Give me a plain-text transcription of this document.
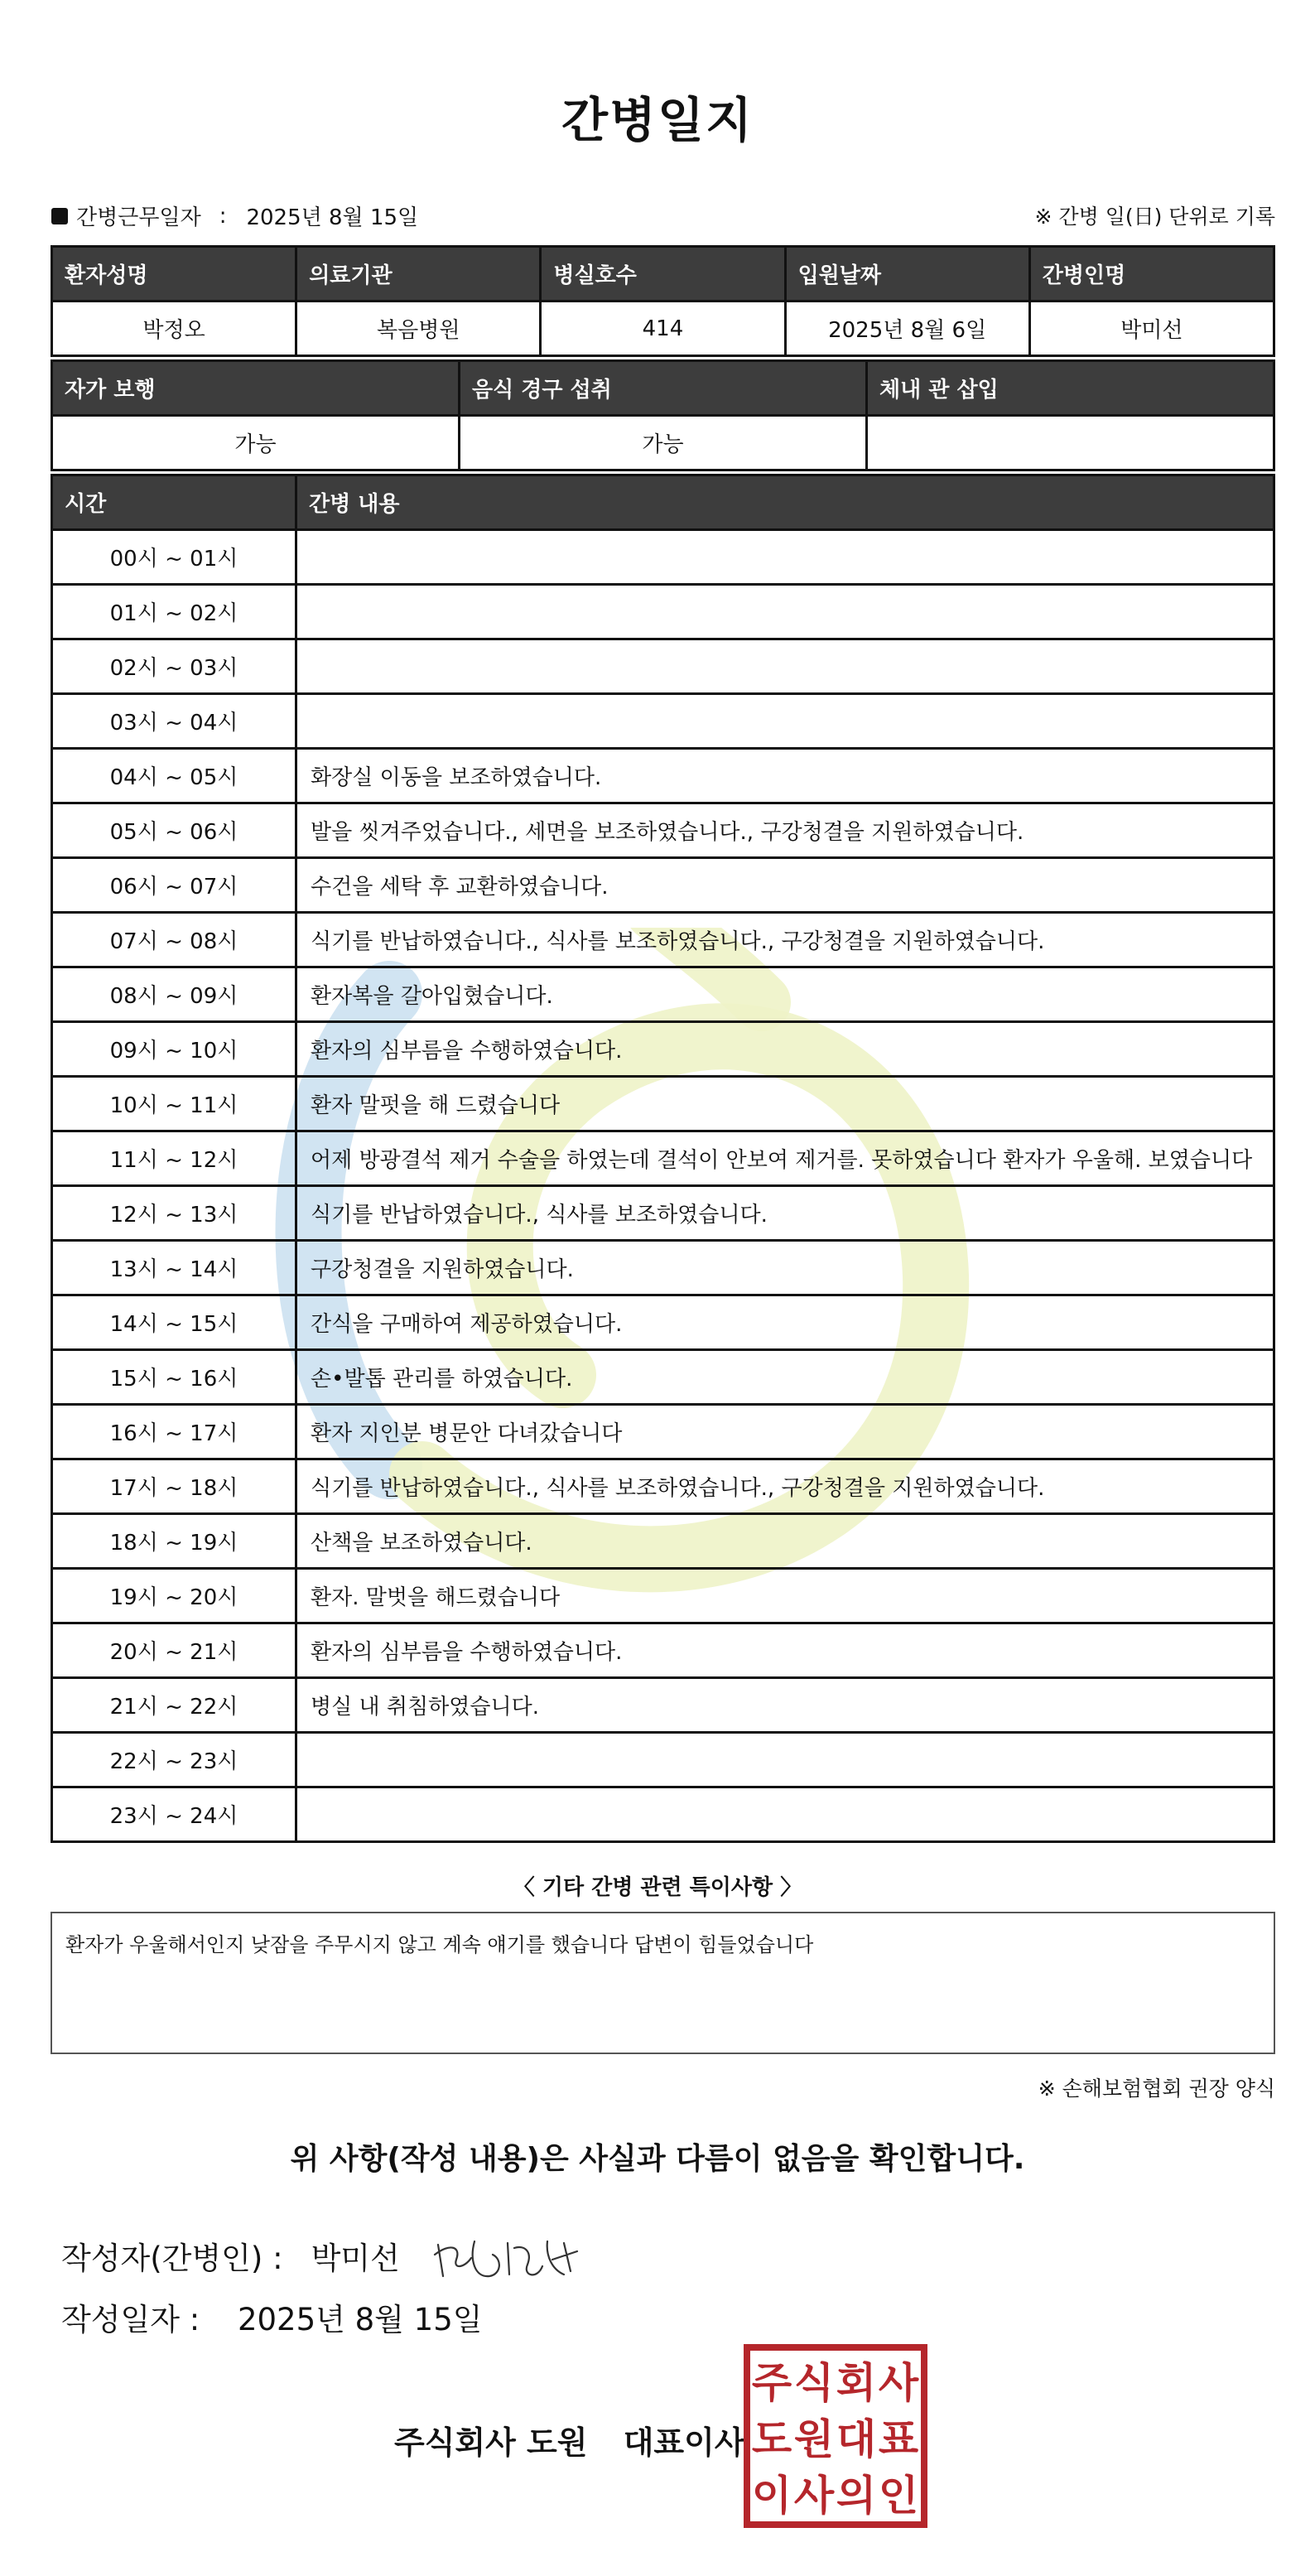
간병일지
간병근무일자 : 2025년 8월 15일	※ 간병 일(日) 단위로 기록
환자성명	의료기관	병실호수	입원날짜	간병인명
박정오	복음병원	414	2025년 8월 6일	박미선
자가 보행	음식 경구 섭취	체내 관 삽입
가능	가능	
시간	간병 내용
00시 ~ 01시	
01시 ~ 02시	
02시 ~ 03시	
03시 ~ 04시	
04시 ~ 05시	화장실 이동을 보조하였습니다.
05시 ~ 06시	발을 씻겨주었습니다., 세면을 보조하였습니다., 구강청결을 지원하였습니다.
06시 ~ 07시	수건을 세탁 후 교환하였습니다.
07시 ~ 08시	식기를 반납하였습니다., 식사를 보조하였습니다., 구강청결을 지원하였습니다.
08시 ~ 09시	환자복을 갈아입혔습니다.
09시 ~ 10시	환자의 심부름을 수행하였습니다.
10시 ~ 11시	환자 말펏을 해 드렸습니다
11시 ~ 12시	어제 방광결석 제거 수술을 하였는데 결석이 안보여 제거를. 못하였습니다 환자가 우울해. 보였습니다
12시 ~ 13시	식기를 반납하였습니다., 식사를 보조하였습니다.
13시 ~ 14시	구강청결을 지원하였습니다.
14시 ~ 15시	간식을 구매하여 제공하였습니다.
15시 ~ 16시	손•발톱 관리를 하였습니다.
16시 ~ 17시	환자 지인분 병문안 다녀갔습니다
17시 ~ 18시	식기를 반납하였습니다., 식사를 보조하였습니다., 구강청결을 지원하였습니다.
18시 ~ 19시	산책을 보조하였습니다.
19시 ~ 20시	환자. 말벗을 해드렸습니다
20시 ~ 21시	환자의 심부름을 수행하였습니다.
21시 ~ 22시	병실 내 취침하였습니다.
22시 ~ 23시	
23시 ~ 24시	
〈 기타 간병 관련 특이사항 〉
환자가 우울해서인지 낮잠을 주무시지 않고 계속 얘기를 했습니다 답변이 힘들었습니다
※ 손해보험협회 권장 양식
위 사항(작성 내용)은 사실과 다름이 없음을 확인합니다.
작성자(간병인) : 박미선
작성일자 : 2025년 8월 15일
주식회사 도원 대표이사
주 식 회 사
도 원 대 표
이 사 의 인
